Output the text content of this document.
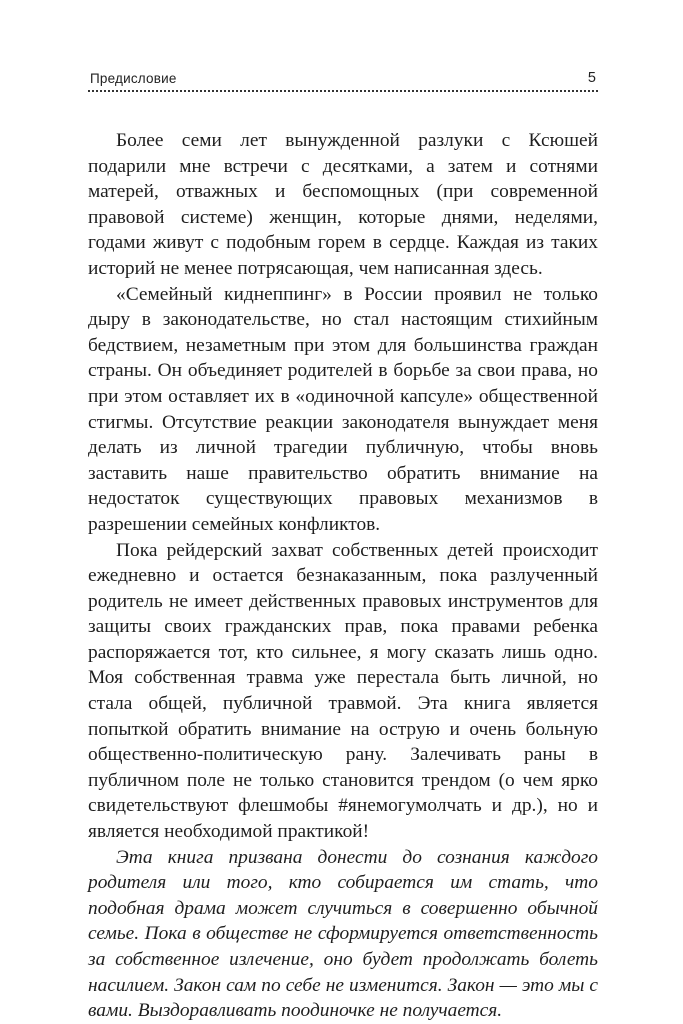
Предисловие	5

Более семи лет вынужденной разлуки с Ксюшей подарили мне встречи с десятками, а затем и сотнями матерей, отважных и беспомощных (при современной правовой системе) женщин, которые днями, неделями, годами живут с подобным горем в сердце. Каждая из таких историй не менее потрясающая, чем написанная здесь.

«Семейный киднеппинг» в России проявил не только дыру в законодательстве, но стал настоящим стихийным бедствием, незаметным при этом для большинства граждан страны. Он объединяет родителей в борьбе за свои права, но при этом оставляет их в «одиночной капсуле» общественной стигмы. Отсутствие реакции законодателя вынуждает меня делать из личной трагедии публичную, чтобы вновь заставить наше правительство обратить внимание на недостаток существующих правовых механизмов в разрешении семейных конфликтов.

Пока рейдерский захват собственных детей происходит ежедневно и остается безнаказанным, пока разлученный родитель не имеет действенных правовых инструментов для защиты своих гражданских прав, пока правами ребенка распоряжается тот, кто сильнее, я могу сказать лишь одно. Моя собственная травма уже перестала быть личной, но стала общей, публичной травмой. Эта книга является попыткой обратить внимание на острую и очень больную общественно-политическую рану. Залечивать раны в публичном поле не только становится трендом (о чем ярко свидетельствуют флешмобы #янемогумолчать и др.), но и является необходимой практикой!

Эта книга призвана донести до сознания каждого родителя или того, кто собирается им стать, что подобная драма может случиться в совершенно обычной семье. Пока в обществе не сформируется ответственность за собственное излечение, оно будет продолжать болеть насилием. Закон сам по себе не изменится. Закон — это мы с вами. Выздоравливать поодиночке не получается.
